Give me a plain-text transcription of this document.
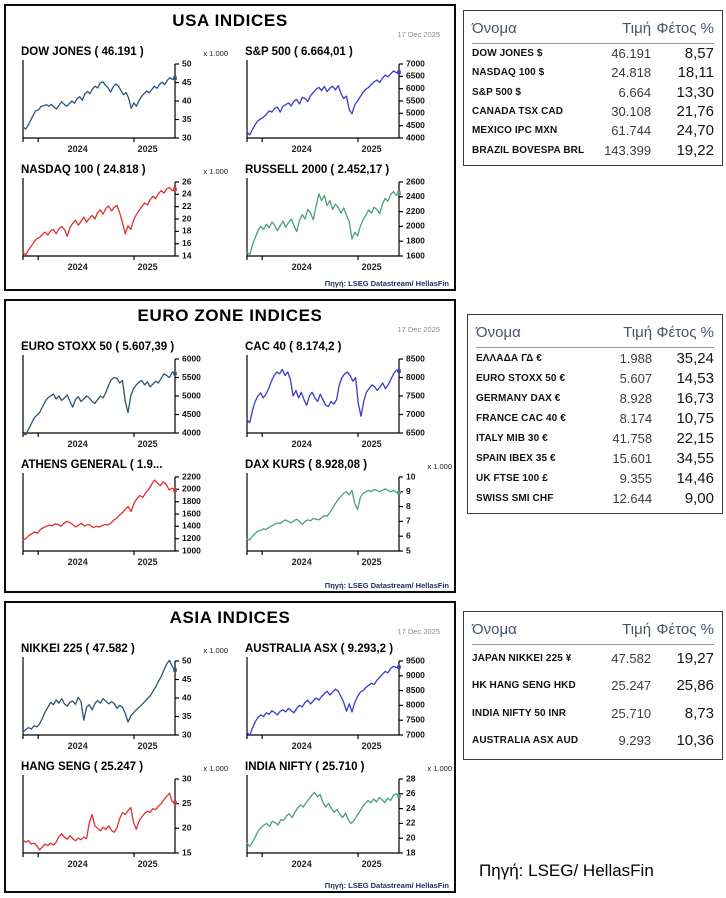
USA INDICES
17 Dec 2025
DOW JONES ( 46.191 )	x 1.000
30
35
40
45
50
2024	2025
S&P 500 ( 6.664,01 )
4000
4500
5000
5500
6000
6500
7000
2024	2025
NASDAQ 100 ( 24.818 )	x 1.000
14
16
18
20
22
24
26
2024	2025
RUSSELL 2000 ( 2.452,17 )
1600
1800
2000
2200
2400
2600
2024	2025
Πηγή: LSEG Datastream/ HellasFin
EURO ZONE INDICES
17 Dec 2025
EURO STOXX 50 ( 5.607,39 )
4000
4500
5000
5500
6000
2024	2025
CAC 40 ( 8.174,2 )
6500
7000
7500
8000
8500
2024	2025
ATHENS GENERAL ( 1.9...
1000
1200
1400
1600
1800
2000
2200
2024	2025
DAX KURS ( 8.928,08 )	x 1.000
5
6
7
8
9
10
2024	2025
Πηγή: LSEG Datastream/ HellasFin
ASIA INDICES
17 Dec 2025
NIKKEI 225 ( 47.582 )	x 1.000
30
35
40
45
50
2024	2025
AUSTRALIA ASX ( 9.293,2 )
7000
7500
8000
8500
9000
9500
2024	2025
HANG SENG ( 25.247 )	x 1.000
15
20
25
30
2024	2025
INDIA NIFTY ( 25.710 )	x 1.000
18
20
22
24
26
28
2024	2025
Πηγή: LSEG Datastream/ HellasFin
Όνομα	Τιμή Φέτος %
DOW JONES $	46.191	8,57
NASDAQ 100 $	24.818	18,11
S&P 500 $	6.664	13,30
CANADA TSX CAD	30.108	21,76
MEXICO IPC MXN	61.744	24,70
BRAZIL BOVESPA BRL	143.399	19,22
Όνομα	Τιμή Φέτος %
ΕΛΛΑΔΑ ΓΔ €	1.988	35,24
EURO STOXX 50 €	5.607	14,53
GERMANY DAX €	8.928	16,73
FRANCE CAC 40 €	8.174	10,75
ITALY MIB 30 €	41.758	22,15
SPAIN IBEX 35 €	15.601	34,55
UK FTSE 100 £	9.355	14,46
SWISS SMI CHF	12.644	9,00
Όνομα	Τιμή Φέτος %
JAPAN NIKKEI 225 ¥	47.582	19,27
HK HANG SENG HKD	25.247	25,86
INDIA NIFTY 50 INR	25.710	8,73
AUSTRALIA ASX AUD	9.293	10,36
Πηγή: LSEG/ HellasFin
